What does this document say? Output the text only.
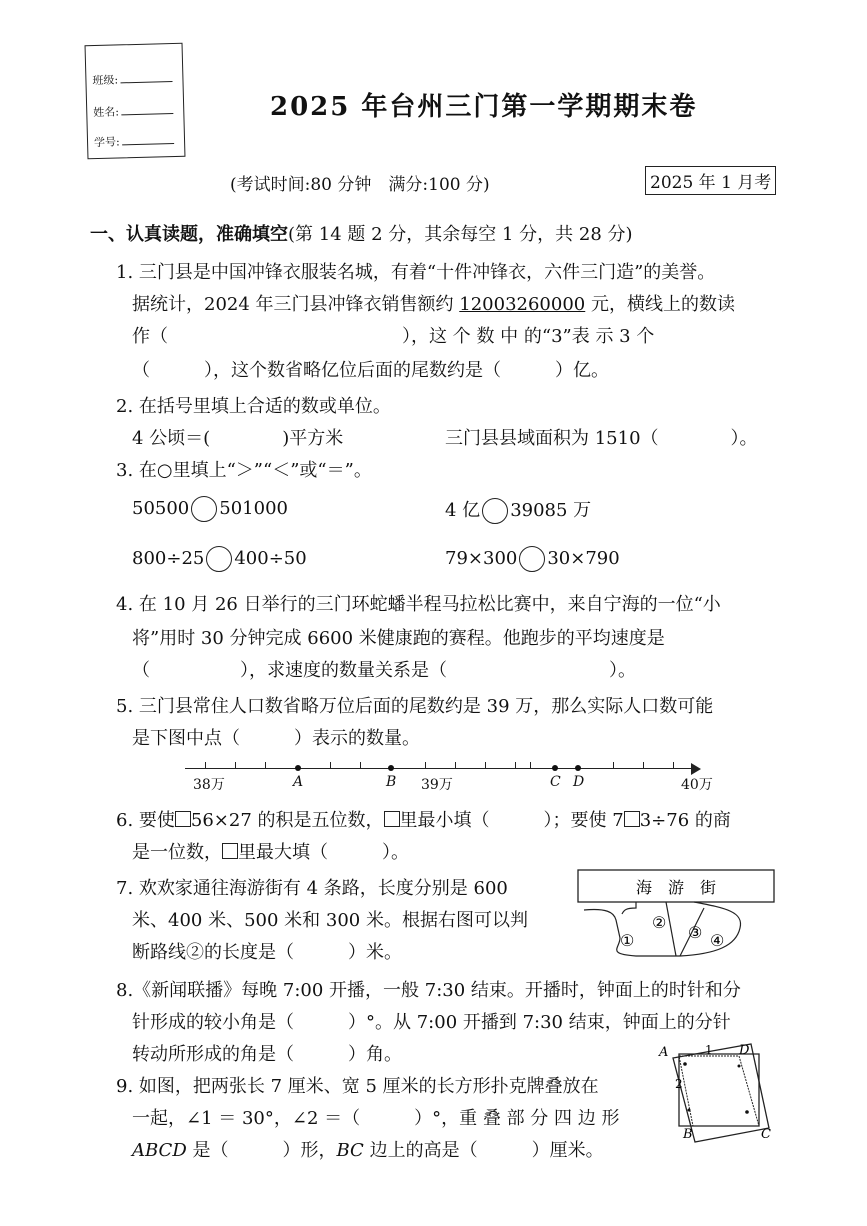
班级:
姓名:
学号:
2025 年台州三门第一学期期末卷
(考试时间:80 分钟　满分:100 分)	2025 年 1 月考
一、认真读题，准确填空(第 14 题 2 分，其余每空 1 分，共 28 分)
1. 三门县是中国冲锋衣服装名城，有着“十件冲锋衣，六件三门造”的美誉。
据统计，2024 年三门县冲锋衣销售额约 12003260000 元，横线上的数读
作（　　　　　　　　　　　　　），这 个 数 中 的“3”表 示 3 个
（　　　），这个数省略亿位后面的尾数约是（　　　）亿。
2. 在括号里填上合适的数或单位。
4 公顷＝(　　　　)平方米	三门县县域面积为 1510（　　　　）。
3. 在○里填上“＞”“＜”或“＝”。
50500 501000	4 亿 39085 万
800÷25 400÷50	79×300 30×790
4. 在 10 月 26 日举行的三门环蛇蟠半程马拉松比赛中，来自宁海的一位“小
将”用时 30 分钟完成 6600 米健康跑的赛程。他跑步的平均速度是
（　　　　　），求速度的数量关系是（　　　　　　　　　）。
5. 三门县常住人口数省略万位后面的尾数约是 39 万，那么实际人口数可能
是下图中点（　　　）表示的数量。
38万	A	B 39万	C D	40万
6. 要使 56×27 的积是五位数， 里最小填（　　　）；要使 7 3÷76 的商
是一位数， 里最大填（　　　）。
7. 欢欢家通往海游街有 4 条路，长度分别是 600
米、400 米、500 米和 300 米。根据右图可以判
断路线②的长度是（　　　）米。
海　游　街
①
②
③ ④
8.《新闻联播》每晚 7:00 开播，一般 7:30 结束。开播时，钟面上的时针和分
针形成的较小角是（　　　）°。从 7:00 开播到 7:30 结束，钟面上的分针
转动所形成的角是（　　　）角。
9. 如图，把两张长 7 厘米、宽 5 厘米的长方形扑克牌叠放在
一起，∠1 ＝ 30°，∠2 ＝（　　　）°，重 叠 部 分 四 边 形
ABCD 是（　　　）形，BC 边上的高是（　　　）厘米。
A	D
B	C
1
2
